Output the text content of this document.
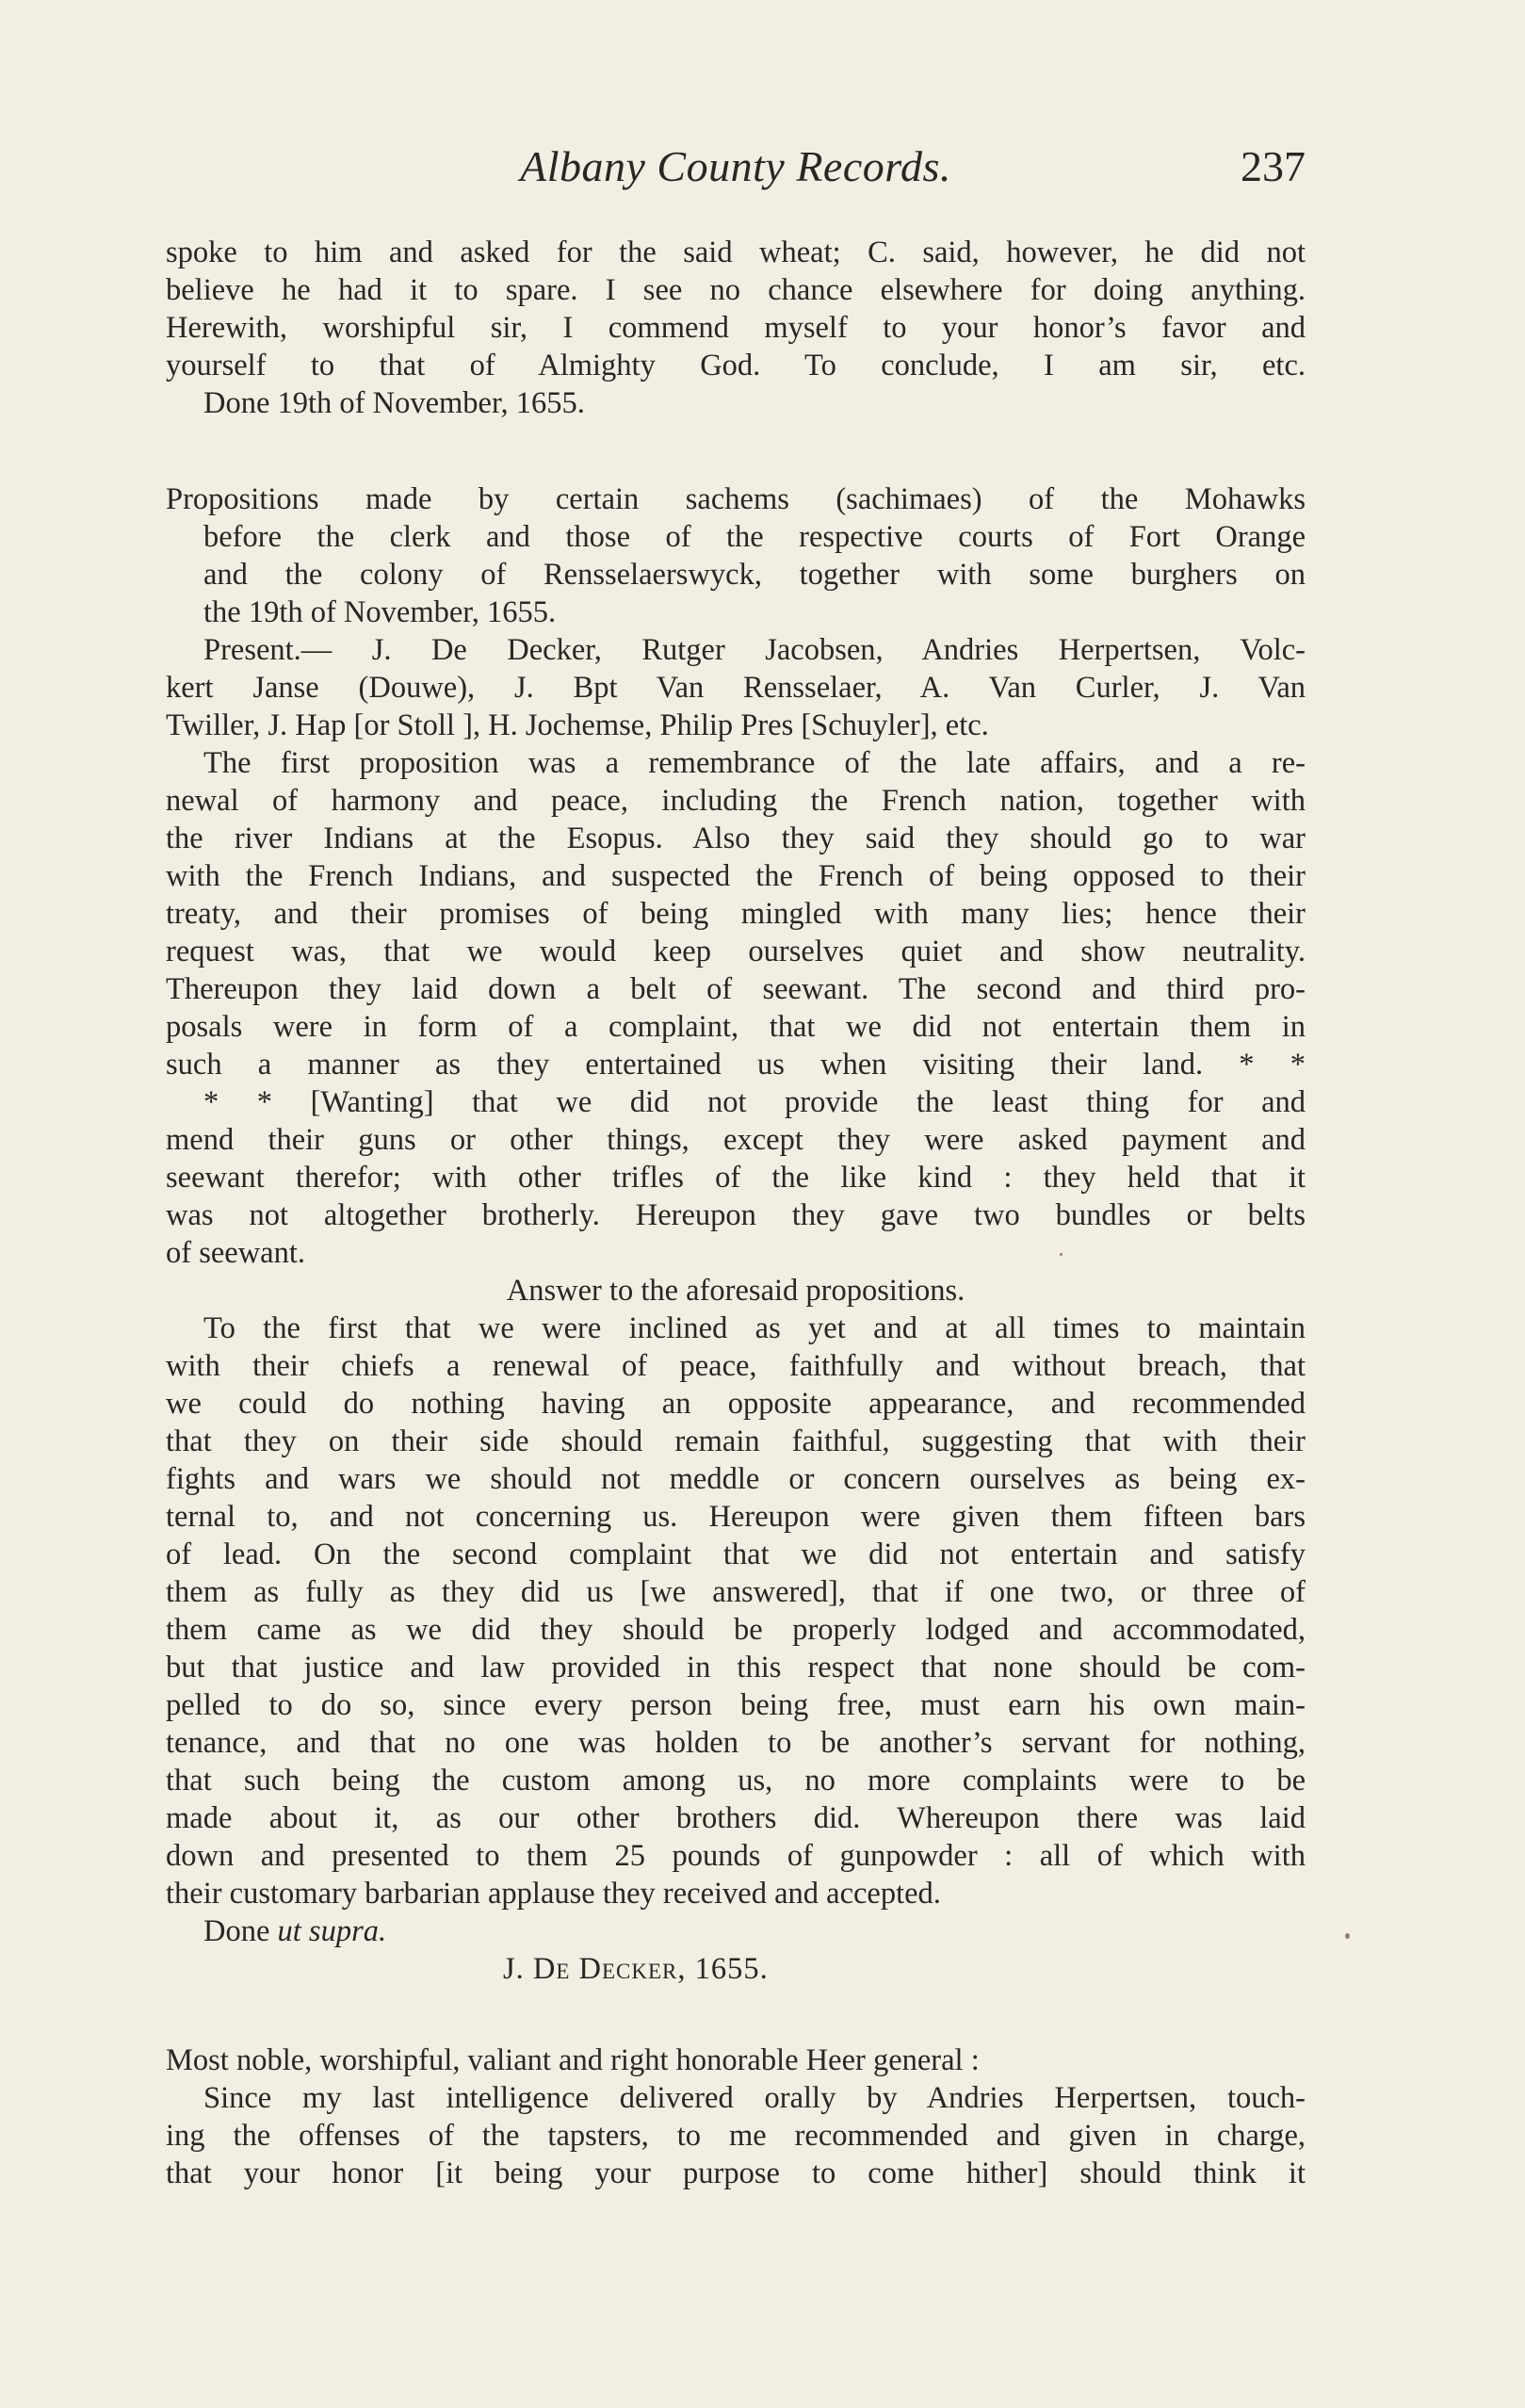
Albany County Records.	237
spoke to him and asked for the said wheat; C. said, however, he did not
believe he had it to spare. I see no chance elsewhere for doing anything.
Herewith, worshipful sir, I commend myself to your honor’s favor and
yourself to that of Almighty God. To conclude, I am sir, etc.
Done 19th of November, 1655.
Propositions made by certain sachems (sachimaes) of the Mohawks
before the clerk and those of the respective courts of Fort Orange
and the colony of Rensselaerswyck, together with some burghers on
the 19th of November, 1655.
Present.— J. De Decker, Rutger Jacobsen, Andries Herpertsen, Volc-
kert Janse (Douwe), J. Bpt Van Rensselaer, A. Van Curler, J. Van
Twiller, J. Hap [or Stoll ], H. Jochemse, Philip Pres [Schuyler], etc.
The first proposition was a remembrance of the late affairs, and a re-
newal of harmony and peace, including the French nation, together with
the river Indians at the Esopus. Also they said they should go to war
with the French Indians, and suspected the French of being opposed to their
treaty, and their promises of being mingled with many lies; hence their
request was, that we would keep ourselves quiet and show neutrality.
Thereupon they laid down a belt of seewant. The second and third pro-
posals were in form of a complaint, that we did not entertain them in
such a manner as they entertained us when visiting their land. * *
* * [Wanting] that we did not provide the least thing for and
mend their guns or other things, except they were asked payment and
seewant therefor; with other trifles of the like kind : they held that it
was not altogether brotherly. Hereupon they gave two bundles or belts
of seewant.
Answer to the aforesaid propositions.
To the first that we were inclined as yet and at all times to maintain
with their chiefs a renewal of peace, faithfully and without breach, that
we could do nothing having an opposite appearance, and recommended
that they on their side should remain faithful, suggesting that with their
fights and wars we should not meddle or concern ourselves as being ex-
ternal to, and not concerning us. Hereupon were given them fifteen bars
of lead. On the second complaint that we did not entertain and satisfy
them as fully as they did us [we answered], that if one two, or three of
them came as we did they should be properly lodged and accommodated,
but that justice and law provided in this respect that none should be com-
pelled to do so, since every person being free, must earn his own main-
tenance, and that no one was holden to be another’s servant for nothing,
that such being the custom among us, no more complaints were to be
made about it, as our other brothers did. Whereupon there was laid
down and presented to them 25 pounds of gunpowder : all of which with
their customary barbarian applause they received and accepted.
Done ut supra.
J. De Decker, 1655.
Most noble, worshipful, valiant and right honorable Heer general :
Since my last intelligence delivered orally by Andries Herpertsen, touch-
ing the offenses of the tapsters, to me recommended and given in charge,
that your honor [it being your purpose to come hither] should think it
